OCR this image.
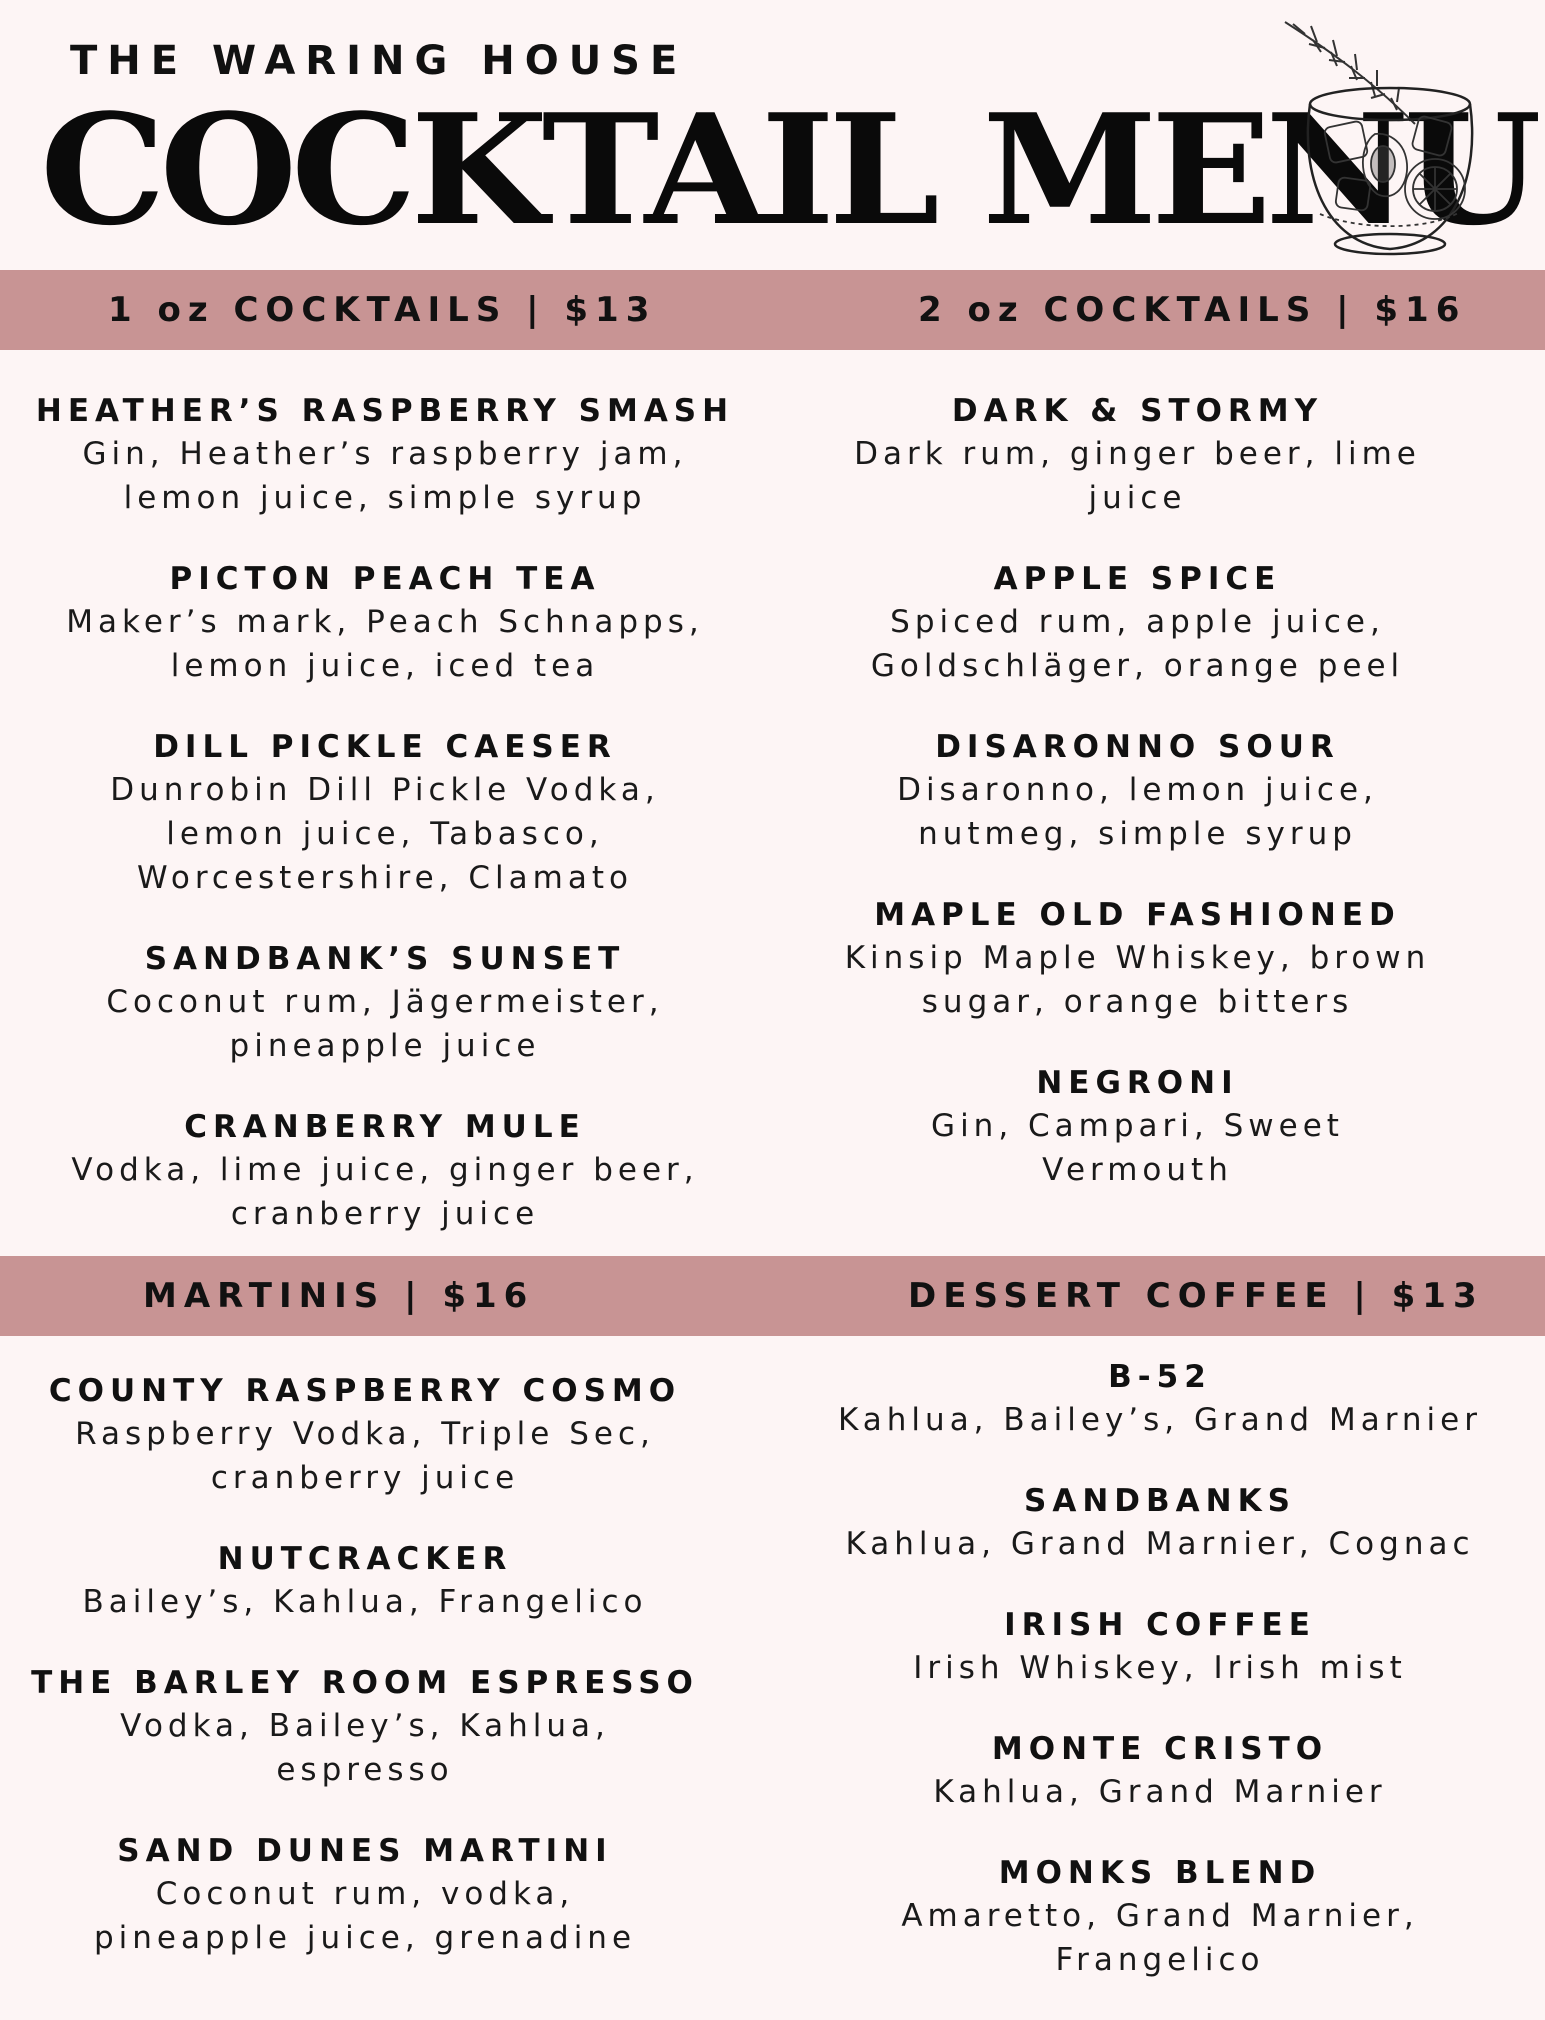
THE WARING HOUSE
COCKTAIL MENU
1 oz COCKTAILS | $13	2 oz COCKTAILS | $16
HEATHER’S RASPBERRY SMASH
Gin, Heather’s raspberry jam, lemon juice, simple syrup
PICTON PEACH TEA
Maker’s mark, Peach Schnapps, lemon juice, iced tea
DILL PICKLE CAESER
Dunrobin Dill Pickle Vodka, lemon juice, Tabasco, Worcestershire, Clamato
SANDBANK’S SUNSET
Coconut rum, Jägermeister, pineapple juice
CRANBERRY MULE
Vodka, lime juice, ginger beer, cranberry juice
DARK & STORMY
Dark rum, ginger beer, lime juice
APPLE SPICE
Spiced rum, apple juice, Goldschläger, orange peel
DISARONNO SOUR
Disaronno, lemon juice, nutmeg, simple syrup
MAPLE OLD FASHIONED
Kinsip Maple Whiskey, brown sugar, orange bitters
NEGRONI
Gin, Campari, Sweet Vermouth
MARTINIS | $16	DESSERT COFFEE | $13
COUNTY RASPBERRY COSMO
Raspberry Vodka, Triple Sec, cranberry juice
NUTCRACKER
Bailey’s, Kahlua, Frangelico
THE BARLEY ROOM ESPRESSO
Vodka, Bailey’s, Kahlua, espresso
SAND DUNES MARTINI
Coconut rum, vodka, pineapple juice, grenadine
B-52
Kahlua, Bailey’s, Grand Marnier
SANDBANKS
Kahlua, Grand Marnier, Cognac
IRISH COFFEE
Irish Whiskey, Irish mist
MONTE CRISTO
Kahlua, Grand Marnier
MONKS BLEND
Amaretto, Grand Marnier, Frangelico
